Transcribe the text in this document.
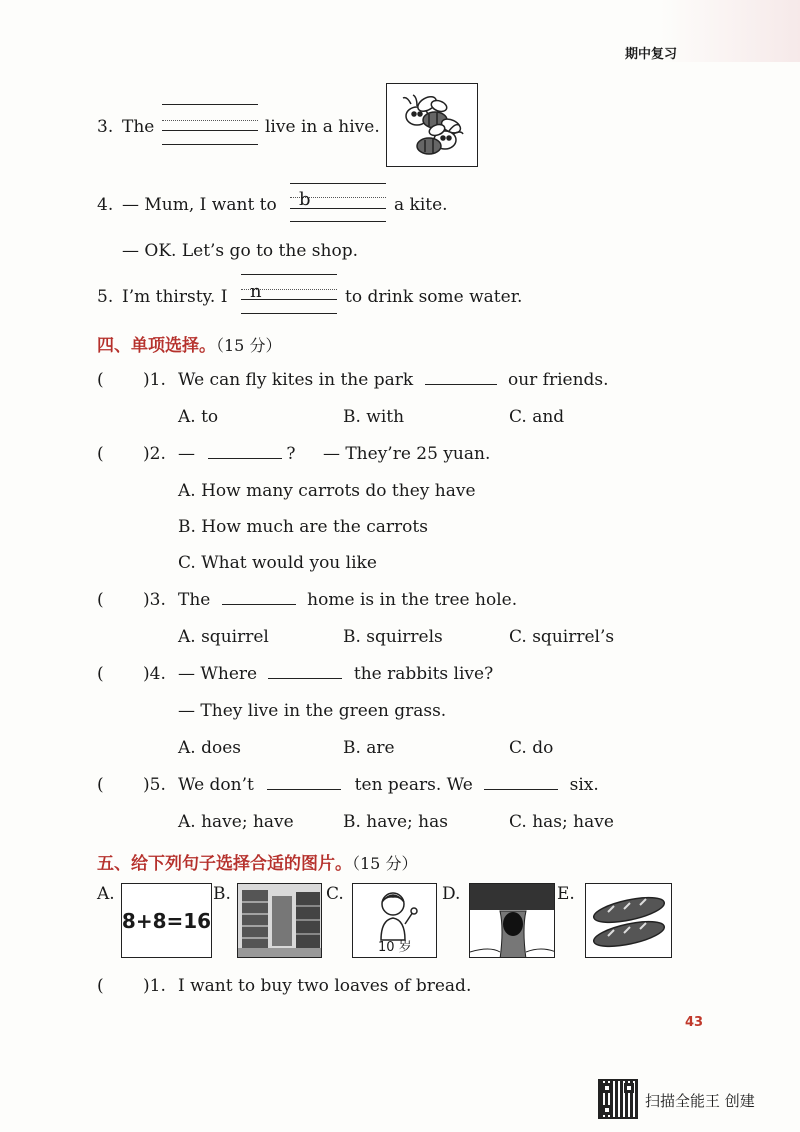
期中复习
3. The	live in a hive.
4. — Mum, I want to b	a kite.
— OK. Let’s go to the shop.
5. I’m thirsty. I n	to drink some water.
四、单项选择。（15 分）
( )1. We can fly kites in the park	our friends.
A. to	B. with	C. and
( )2. —	? — They’re 25 yuan.
A. How many carrots do they have
B. How much are the carrots
C. What would you like
( )3. The	home is in the tree hole.
A. squirrel	B. squirrels	C. squirrel’s
( )4. — Where	the rabbits live?
— They live in the green grass.
A. does	B. are	C. do
( )5. We don’t	ten pears. We	six.
A. have; have	B. have; has	C. has; have
五、给下列句子选择合适的图片。（15 分）
A.
8+8=16
B.	C.
10 岁
D.	E.
( )1. I want to buy two loaves of bread.
43
扫描全能王 创建
